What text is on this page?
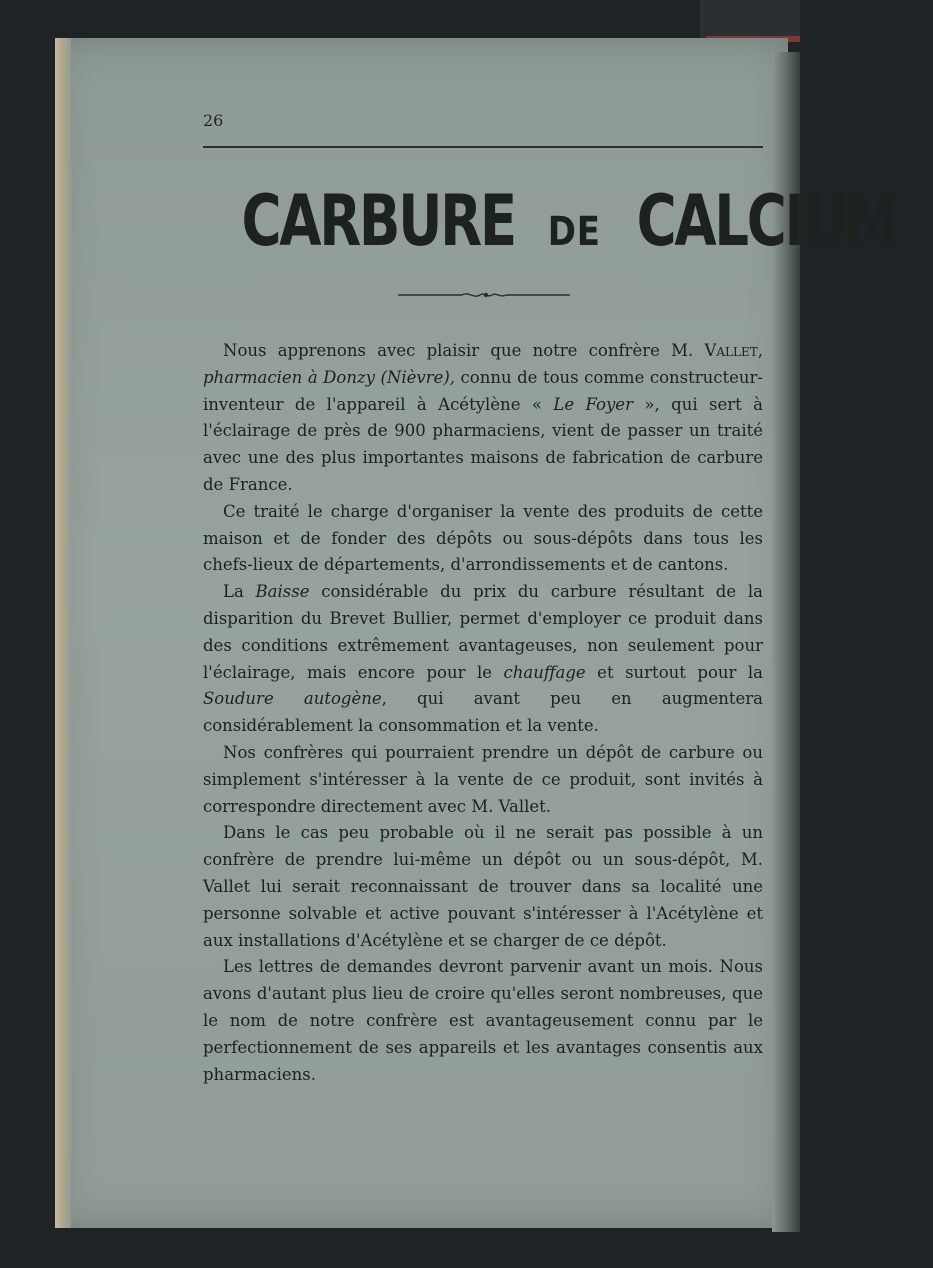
26
CARBURE DE CALCIUM

Nous apprenons avec plaisir que notre confrère M. Vallet, pharmacien à Donzy (Nièvre), connu de tous comme constructeur-inventeur de l'appareil à Acétylène « Le Foyer », qui sert à l'éclairage de près de 900 pharmaciens, vient de passer un traité avec une des plus importantes maisons de fabrication de carbure de France.

Ce traité le charge d'organiser la vente des produits de cette maison et de fonder des dépôts ou sous-dépôts dans tous les chefs-lieux de départements, d'arrondissements et de cantons.

La Baisse considérable du prix du carbure résultant de la disparition du Brevet Bullier, permet d'employer ce produit dans des conditions extrêmement avantageuses, non seulement pour l'éclairage, mais encore pour le chauffage et surtout pour la Soudure autogène, qui avant peu en augmentera considérablement la consommation et la vente.

Nos confrères qui pourraient prendre un dépôt de carbure ou simplement s'intéresser à la vente de ce produit, sont invités à correspondre directement avec M. Vallet.

Dans le cas peu probable où il ne serait pas possible à un confrère de prendre lui-même un dépôt ou un sous-dépôt, M. Vallet lui serait reconnaissant de trouver dans sa localité une personne solvable et active pouvant s'intéresser à l'Acétylène et aux installations d'Acétylène et se charger de ce dépôt.

Les lettres de demandes devront parvenir avant un mois. Nous avons d'autant plus lieu de croire qu'elles seront nombreuses, que le nom de notre confrère est avantageusement connu par le perfectionnement de ses appareils et les avantages consentis aux pharmaciens.
